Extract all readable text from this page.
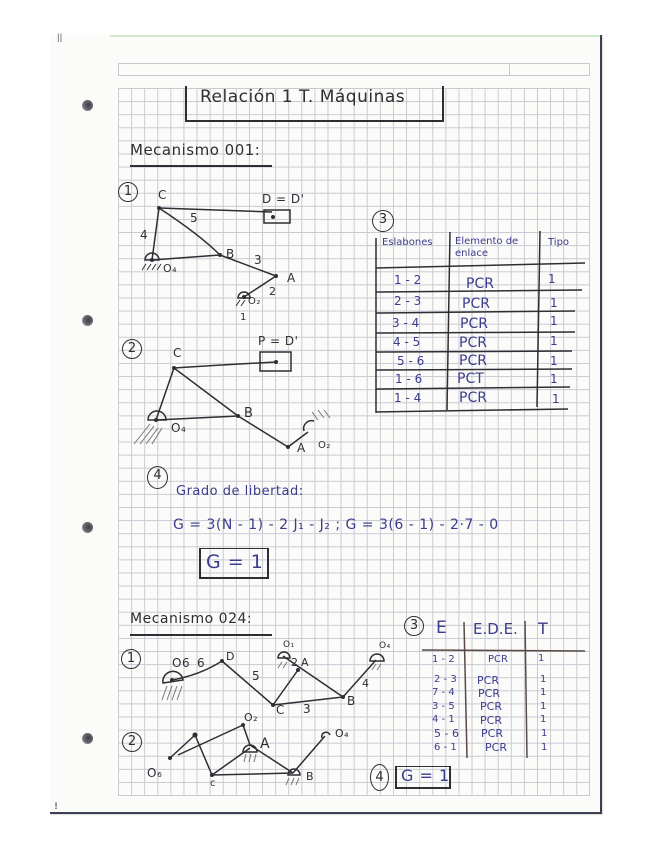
ǀǀ
!
Relación 1 T. Máquinas
Mecanismo 001:
1	C	D = D'
B
A
O₄
O₂
4
5
3
2
1
3
Eslabones Elemento de enlace
Tipo
1 - 2	PCR	1
2 - 3	PCR	1
3 - 4	PCR	1
4 - 5	PCR	1
5 - 6 PCR	1
1 - 6 PCT	1
1 - 4	PCR	1
2	C
P = D'
B
A
O₄
O₂
4
Grado de libertad:
G = 3(N - 1) - 2 J₁ - J₂ ; G = 3(6 - 1) - 2·7 - 0
G = 1
Mecanismo 024:
1	O6 6 D
5
O₁
2 A
O₄
4
B
C 3
2
O₆
O₂
A
O₄
B
c
3	E E.D.E. T
1 - 2	PCR	1
2 - 3 PCR	1
7 - 4 PCR	1
3 - 5 PCR	1
4 - 1 PCR	1
5 - 6 PCR	1
6 - 1	PCR	1
4	G = 1
